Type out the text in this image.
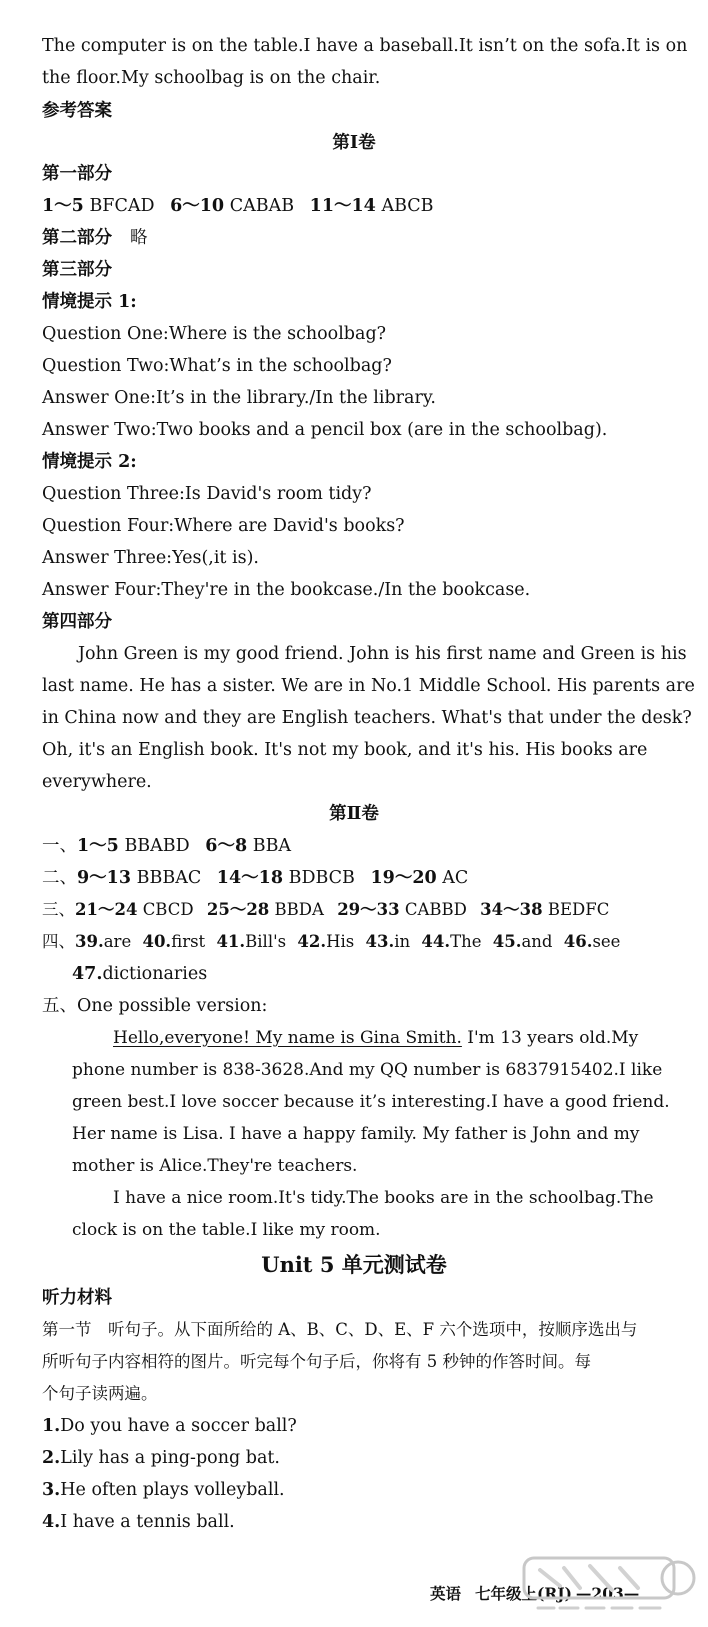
The computer is on the table.I have a baseball.It isn’t on the sofa.It is on
the floor.My schoolbag is on the chair.
参考答案
第Ⅰ卷
第一部分
1～5 BFCAD 6～10 CABAB 11～14 ABCB
第二部分 略
第三部分
情境提示 1:
Question One:Where is the schoolbag?
Question Two:What’s in the schoolbag?
Answer One:It’s in the library./In the library.
Answer Two:Two books and a pencil box (are in the schoolbag).
情境提示 2:
Question Three:Is David's room tidy?
Question Four:Where are David's books?
Answer Three:Yes(,it is).
Answer Four:They're in the bookcase./In the bookcase.
第四部分
John Green is my good friend. John is his first name and Green is his
last name. He has a sister. We are in No.1 Middle School. His parents are
in China now and they are English teachers. What's that under the desk?
Oh, it's an English book. It's not my book, and it's his. His books are
everywhere.
第Ⅱ卷
一、1～5 BBABD 6～8 BBA
二、9～13 BBBAC 14～18 BDBCB 19～20 AC
三、21～24 CBCD 25～28 BBDA 29～33 CABBD 34～38 BEDFC
四、39.are 40.first 41.Bill's 42.His 43.in 44.The 45.and 46.see
47.dictionaries
五、One possible version:
Hello,everyone! My name is Gina Smith. I'm 13 years old.My
phone number is 838-3628.And my QQ number is 6837915402.I like
green best.I love soccer because it’s interesting.I have a good friend.
Her name is Lisa. I have a happy family. My father is John and my
mother is Alice.They're teachers.
I have a nice room.It's tidy.The books are in the schoolbag.The
clock is on the table.I like my room.
Unit 5 单元测试卷
听力材料
第一节　听句子。从下面所给的 A、B、C、D、E、F 六个选项中，按顺序选出与
所听句子内容相符的图片。听完每个句子后，你将有 5 秒钟的作答时间。每
个句子读两遍。
1.Do you have a soccer ball?
2.Lily has a ping-pong bat.
3.He often plays volleyball.
4.I have a tennis ball.
英语 七年级上(RJ) —203—
